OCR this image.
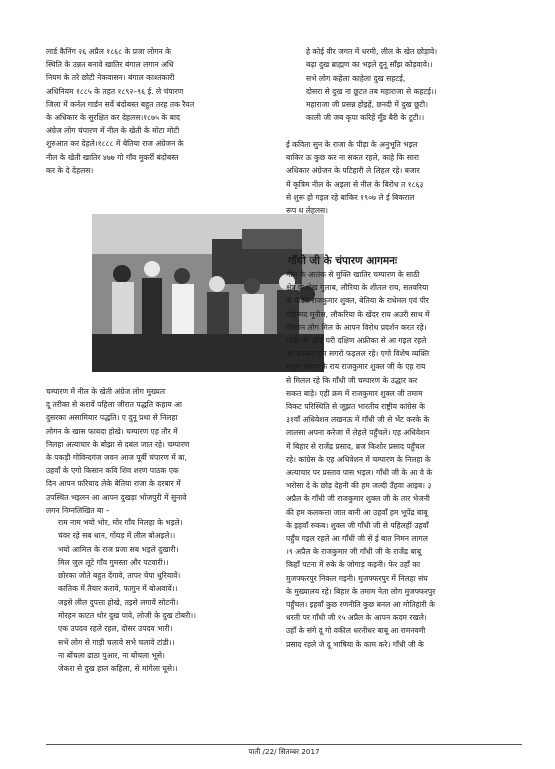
लार्ड कैनिंग २६ अप्रैल १८६८ के प्रजा लोगन के
स्थिति के उन्नत बनावे खातिर बंगाल लगान अधि
नियम के तरे छोटी नेकवासन। बंगाल काश्तकारी
अधिनियम १८८५ के तहत १८९२–९६ ई. ले चंपारण
जिला में कर्नल गार्डन सर्वे बंदोबस्त बहुत तरह तक रैयत
के अधिकार के सुरक्षित कर देहलस।१८७५ के बाद
अंग्रेज लोग चंपारण में नील के खेती के मोटा मोटी
शुरुआत कर देहले।१८८८ में बेतिया राज अंग्रेजन के
नील के खेती खातिर ४७७ गो गाँव मुकर्री बंदोबस्त
कर के दे देहलस।
चम्पारण में नील के खेती अंग्रेज लोग मुख्यतः
दू तरीका से करावें पहिला जीरात पद्धति कहाय आ
दुसरका असामियार पद्धति। ए दुनू प्रथा से निलहा
लोगन के खास फायदा होखे। चम्पारण एह तौर में
निलहा अत्याचार के बोझा से दबल जात रहे। चम्पारण
के पकड़ी गोविन्दगंज जवन आज पूर्वी चंपारण में बा,
उहवाँ के एगो किसान कवि शिव शरण पाठक एक
दिन आपन फरियाद लेके बेतिया राजा के दरबार में
उपस्थित भइलन आ आपन दुखड़ा भोजपुरी में सुनावे
लगन निम्नलिखित बा –
राम नाम भयो भोर, मोर गाँव निलहा के भइले।
चंवर रहे सब धान, गोंयड़ में लील बोअइले।।
भयो आमिल के राज प्रजा सब भइले दुखारी।
मिल जुल लूटे गाँव गुमस्ता और पटवारी।।
छोरका जोते बहुत देंगावे, तापर चेपा धुरियावें।
कातिक में तैयार करावे, फागुन में बोअवावें।।
जइसे लील दुपत्ता होखे, तइसे लगावें सोटनी।
मोरहन काटत थोर दुख पावे, लोजी के दुख टोबरी।।
एक उपदव रहले रहल, दोसर उपदव भारी।
सभे लोग से गाड़ी चलावे सभे चलावे टांडी।।
ना बोंचला ढाठा पुआर, ना बोंचला भूसे।
जेकरा से दुख हाल कहिला, से मांगेला घूसे।।
हे कोई वीर जगत में धरमी, लील के खेत छोड़ावे।
बढ़ा दुख ब्राह्मण का भइले दुनू साँझ कोड़वावे।।
सभे लोग कहेला काहेला दुख सहटई,
दोसरा से दुख ना छूटत तब महाराजा से कहटई।।
महाराजा जी प्रसन्न होइहें, छनदी में दुख छूटी।
काली जी जब कृपा करिहें मूँड बैरी के टूटी।।
ई कविता सुन के राजा के पीड़ा के अनुभूति भइल
बाकिर ऊ कुछ कर ना सकत रहले, काहे कि सारा
अधिकार अंग्रेजन के पटिहारी ले लिहल रहे। बजार
में कृत्रिम नील के अइला से नील के बिरोध त १८६३
से शुरू हो गइल रहे बाकिर १९०७ ले ई बिकराल
रूप ध लेहलस।
नील के आतंक से मुक्ति खातिर चम्पारण के साठी
क्षेत्र के शेख गुलाब, लौरिया के शीतल राय, सतवरिया
के पंडित राजकुमार शुक्ल, बेतिया के राधेमल एवं पीर
मोहम्मद मूनीस, लौकरिया के खेंदर राय अउरी साथ में
किसान लोग मिल के आपन विरोध प्रदर्शन करत रहे।
गांधी जी ओह घरी दक्षिण अफ्रीका से आ गइल रहले
आ उनकर नाम सगरो फइलल रहे। एगो विशेष व्यक्ति
यमुना प्रसाद के राय राजकुमार शुक्ल जी के एह राय
से मिलल रहे कि गाँधी जी चम्पारण के उद्धार कर
सकत बाड़े। एही क्रम में राजकुमार शुक्ल जी तमाम
विकट परिस्थिति से जूझत भारतीय राष्ट्रीय कांग्रेस के
३१वाँ अधिवेशन लखनऊ में गाँधी जी से भेंट करके के
लालसा अपना करेजा में लेहले पहुँचले। एह अधिवेशन
में बिहार से राजेंद्र प्रसाद, ब्रज किशोर प्रसाद पहुँचल
रहे। कांग्रेस के एह अधिवेशन में चम्पारण के निलहा के
अत्याचार पर प्रस्ताव पास भइल। गाँधी जी के आ वे के
भरोसा दे के छोड़ देहनी की हम जल्दी उँहवा आइब। ३
अप्रैल के गाँधी जी राजकुमार शुक्ल जी के तार भेजनी
की हम कलकत्ता जात बानी आ उहवाँ हम भूपेंद्र बाबू
के इहवाँ रुकब। शुक्ल जी गाँधी जी से पहिलहीं उहवाँ
पहुँच गइल रहले आ गाँधी जी से ई बात निमन लागल
।९ अप्रैल के राजकुमार जी गाँधी जी के राजेंद्र बाबू
किहाँ पटना में रुके के जोगाड़ कइनी। फेर उहाँ का
मुजफ्फरपुर निकल गइनी। मुजफ्फरपुर में निलहा संघ
के मुख्यालय रहे। बिहार के तमाम नेता लोग मुजफ्फरपुर
पहुँचल। इहवाँ कुछ रणनीति कुछ बनल आ मोतिहारी के
धरती पर गाँधी जी १५ अप्रैल के आपन कदम रखले।
उहाँ के संगे दू गो वकील धरनीधर बाबू आ रामनवमी
प्रसाद रहले जे दू भाषिया के काम करे। गाँधी जी के
गाँधी जी के चंपारण आगमनः
पाती /22/ सितम्बर 2017
